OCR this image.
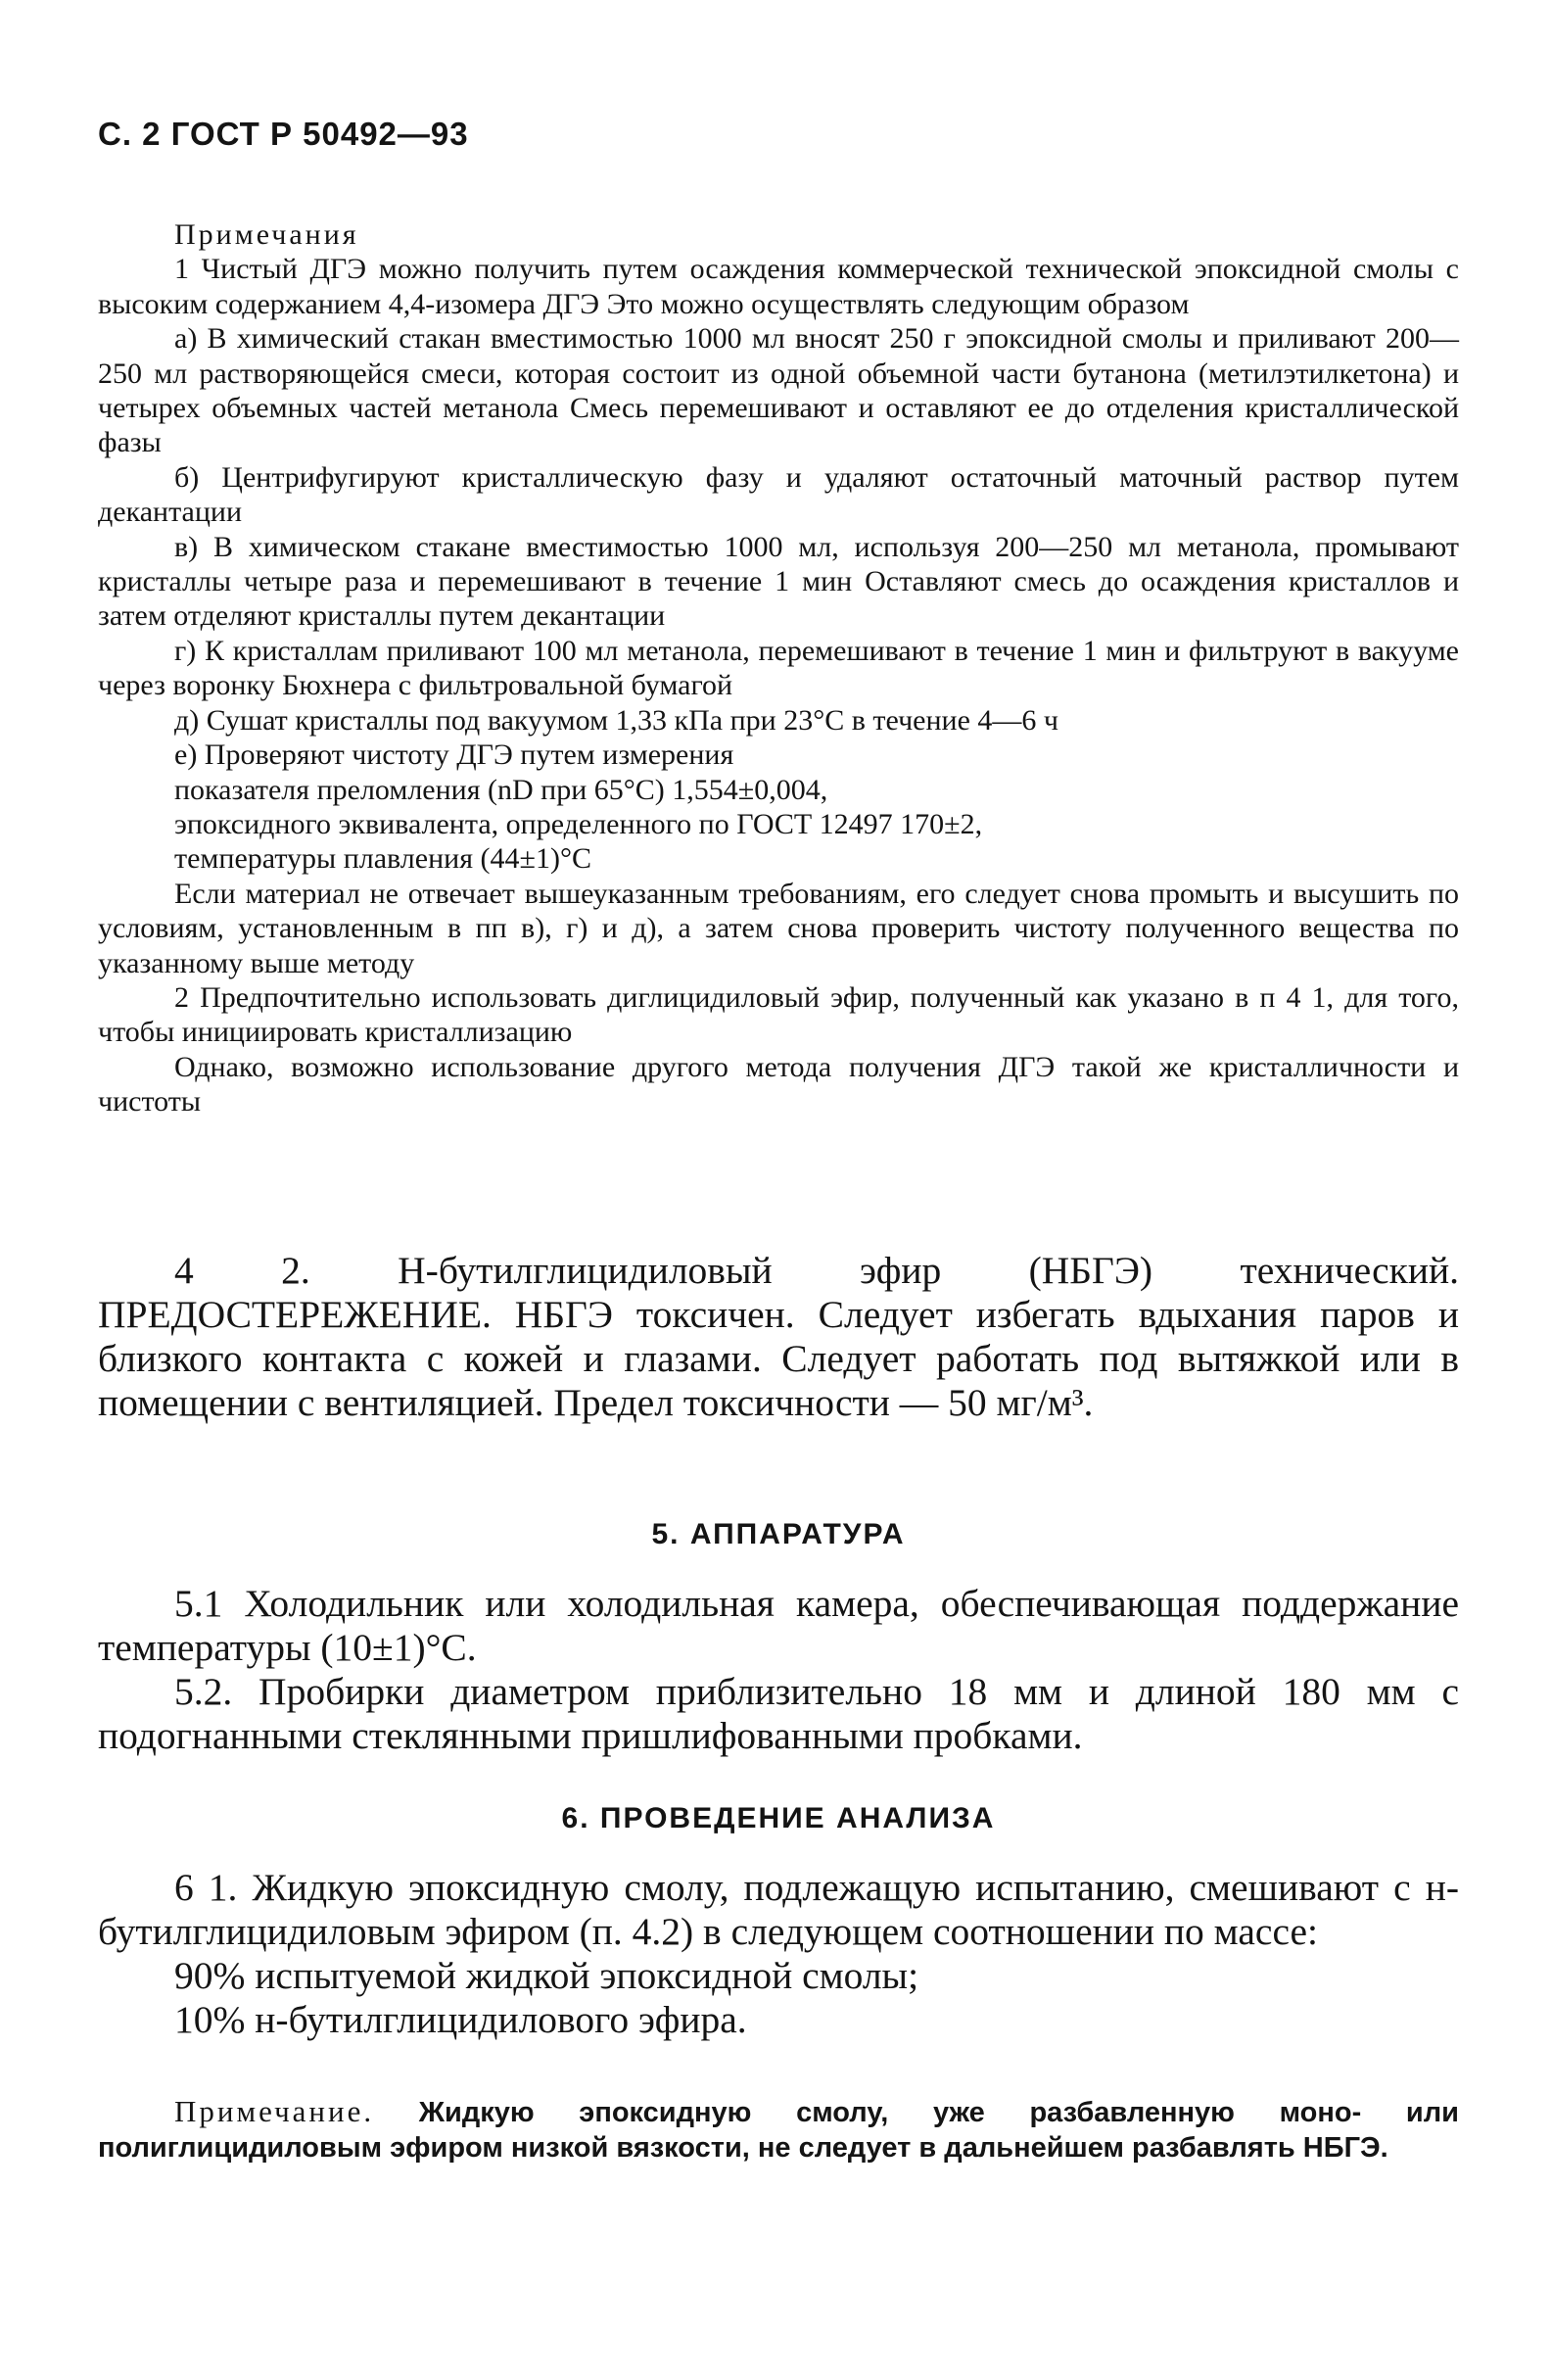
С. 2 ГОСТ Р 50492—93

Примечания

1 Чистый ДГЭ можно получить путем осаждения коммерческой технической эпоксидной смолы с высоким содержанием 4,4-изомера ДГЭ Это можно осуществлять следующим образом

а) В химический стакан вместимостью 1000 мл вносят 250 г эпоксидной смолы и приливают 200—250 мл растворяющейся смеси, которая состоит из одной объемной части бутанона (метилэтилкетона) и четырех объемных частей метанола Смесь перемешивают и оставляют ее до отделения кристаллической фазы

б) Центрифугируют кристаллическую фазу и удаляют остаточный маточный раствор путем декантации

в) В химическом стакане вместимостью 1000 мл, используя 200—250 мл метанола, промывают кристаллы четыре раза и перемешивают в течение 1 мин Оставляют смесь до осаждения кристаллов и затем отделяют кристаллы путем декантации

г) К кристаллам приливают 100 мл метанола, перемешивают в течение 1 мин и фильтруют в вакууме через воронку Бюхнера с фильтровальной бумагой

д) Сушат кристаллы под вакуумом 1,33 кПа при 23°С в течение 4—6 ч

е) Проверяют чистоту ДГЭ путем измерения

показателя преломления (nD при 65°С) 1,554±0,004,

эпоксидного эквивалента, определенного по ГОСТ 12497 170±2,

температуры плавления (44±1)°С

Если материал не отвечает вышеуказанным требованиям, его следует снова промыть и высушить по условиям, установленным в пп в), г) и д), а затем снова проверить чистоту полученного вещества по указанному выше методу

2 Предпочтительно использовать диглицидиловый эфир, полученный как указано в п 4 1, для того, чтобы инициировать кристаллизацию

Однако, возможно использование другого метода получения ДГЭ такой же кристалличности и чистоты

4 2. Н-бутилглицидиловый эфир (НБГЭ) технический. ПРЕДОСТЕРЕЖЕНИЕ. НБГЭ токсичен. Следует избегать вдыхания паров и близкого контакта с кожей и глазами. Следует работать под вытяжкой или в помещении с вентиляцией. Предел токсичности — 50 мг/м³.

5. АППАРАТУРА

5.1 Холодильник или холодильная камера, обеспечивающая поддержание температуры (10±1)°С.

5.2. Пробирки диаметром приблизительно 18 мм и длиной 180 мм с подогнанными стеклянными пришлифованными пробками.

6. ПРОВЕДЕНИЕ АНАЛИЗА

6 1. Жидкую эпоксидную смолу, подлежащую испытанию, смешивают с н-бутилглицидиловым эфиром (п. 4.2) в следующем соотношении по массе:

90% испытуемой жидкой эпоксидной смолы;

10% н-бутилглицидилового эфира.

Примечание. Жидкую эпоксидную смолу, уже разбавленную моно- или полиглицидиловым эфиром низкой вязкости, не следует в дальнейшем разбавлять НБГЭ.
